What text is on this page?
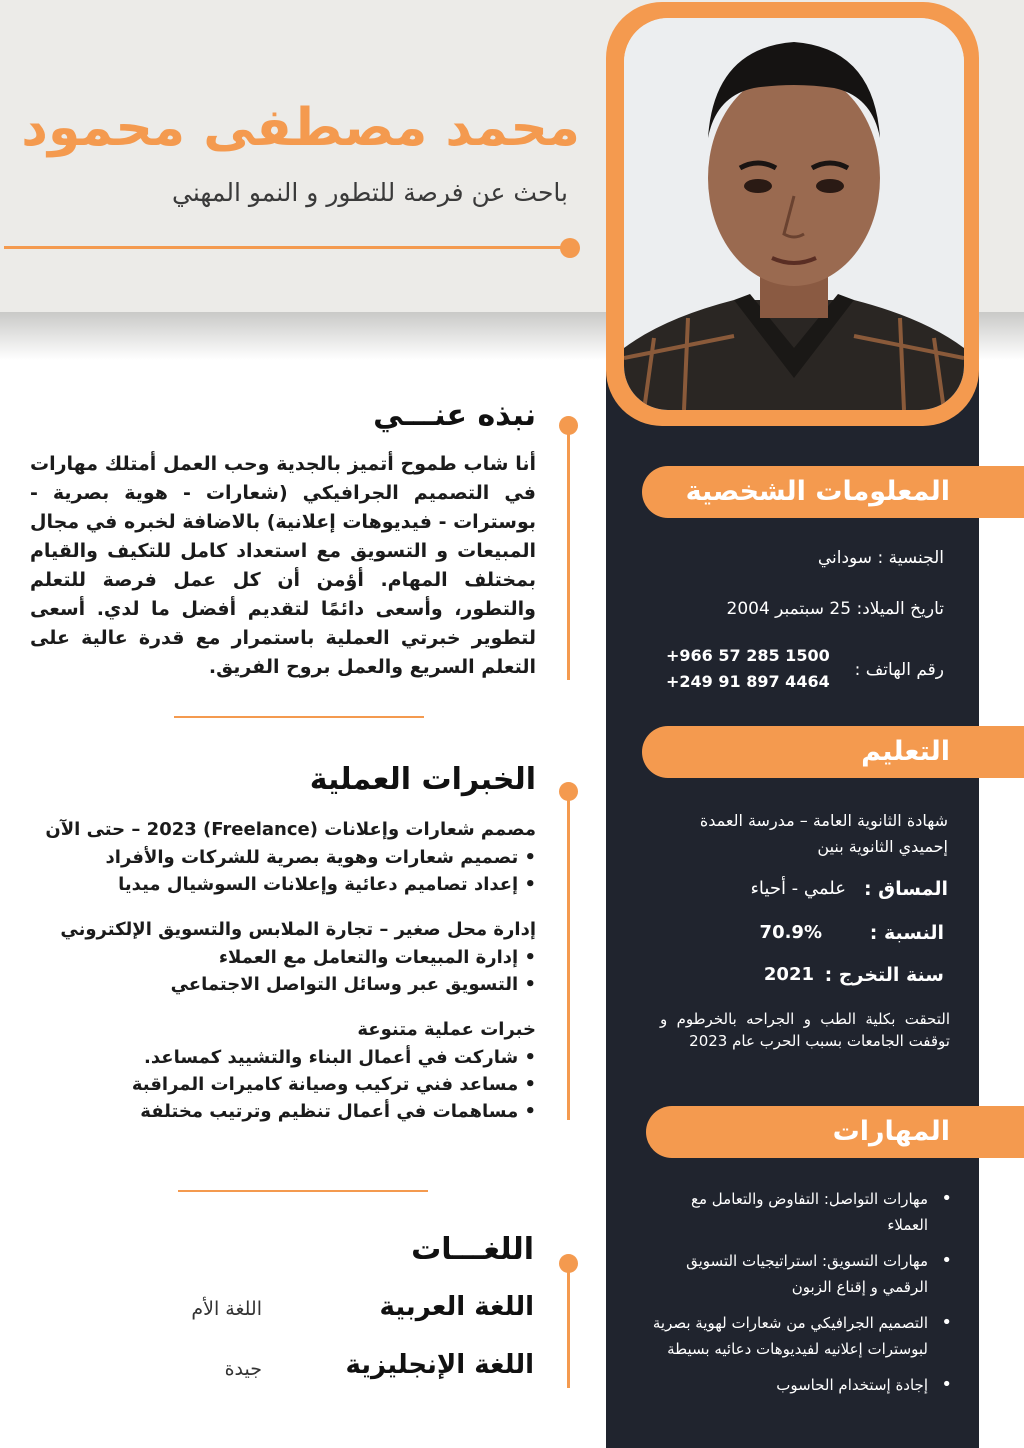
محمد مصطفى محمود
باحث عن فرصة للتطور و النمو المهني
المعلومات الشخصية
الجنسية : سوداني
تاريخ الميلاد: 25 سبتمبر 2004
رقم الهاتف :
+966 57 285 1500
+249 91 897 4464
التعليم
شهادة الثانوية العامة – مدرسة العمدة إحميدي الثانوية بنين
المساق :
علمي - أحياء
النسبة :
70.9%
سنة التخرج :
2021
التحقت بكلية الطب و الجراحه بالخرطوم و توقفت الجامعات بسبب الحرب عام 2023
المهارات
• مهارات التواصل: التفاوض والتعامل مع العملاء
• مهارات التسويق: استراتيجيات التسويق الرقمي و إقناع الزبون
• التصميم الجرافيكي من شعارات لهوية بصرية لبوسترات إعلانيه لفيديوهات دعائيه بسيطة
• إجادة إستخدام الحاسوب
نبذه عنـــي
أنا شاب طموح أتميز بالجدية وحب العمل أمتلك مهارات في التصميم الجرافيكي (شعارات - هوية بصرية - بوسترات - فيديوهات إعلانية) بالاضافة لخبره في مجال المبيعات و التسويق مع استعداد كامل للتكيف والقيام بمختلف المهام. أؤمن أن كل عمل فرصة للتعلم والتطور، وأسعى دائمًا لتقديم أفضل ما لدي. أسعى لتطوير خبرتي العملية باستمرار مع قدرة عالية على التعلم السريع والعمل بروح الفريق.
الخبرات العملية
مصمم شعارات وإعلانات (Freelance) 2023 – حتى الآن
• تصميم شعارات وهوية بصرية للشركات والأفراد
• إعداد تصاميم دعائية وإعلانات السوشيال ميديا
إدارة محل صغير – تجارة الملابس والتسويق الإلكتروني
• إدارة المبيعات والتعامل مع العملاء
• التسويق عبر وسائل التواصل الاجتماعي
خبرات عملية متنوعة
• شاركت في أعمال البناء والتشييد كمساعد.
• مساعد فني تركيب وصيانة كاميرات المراقبة
• مساهمات في أعمال تنظيم وترتيب مختلفة
اللغـــات
اللغة العربية
اللغة الأم
اللغة الإنجليزية
جيدة
